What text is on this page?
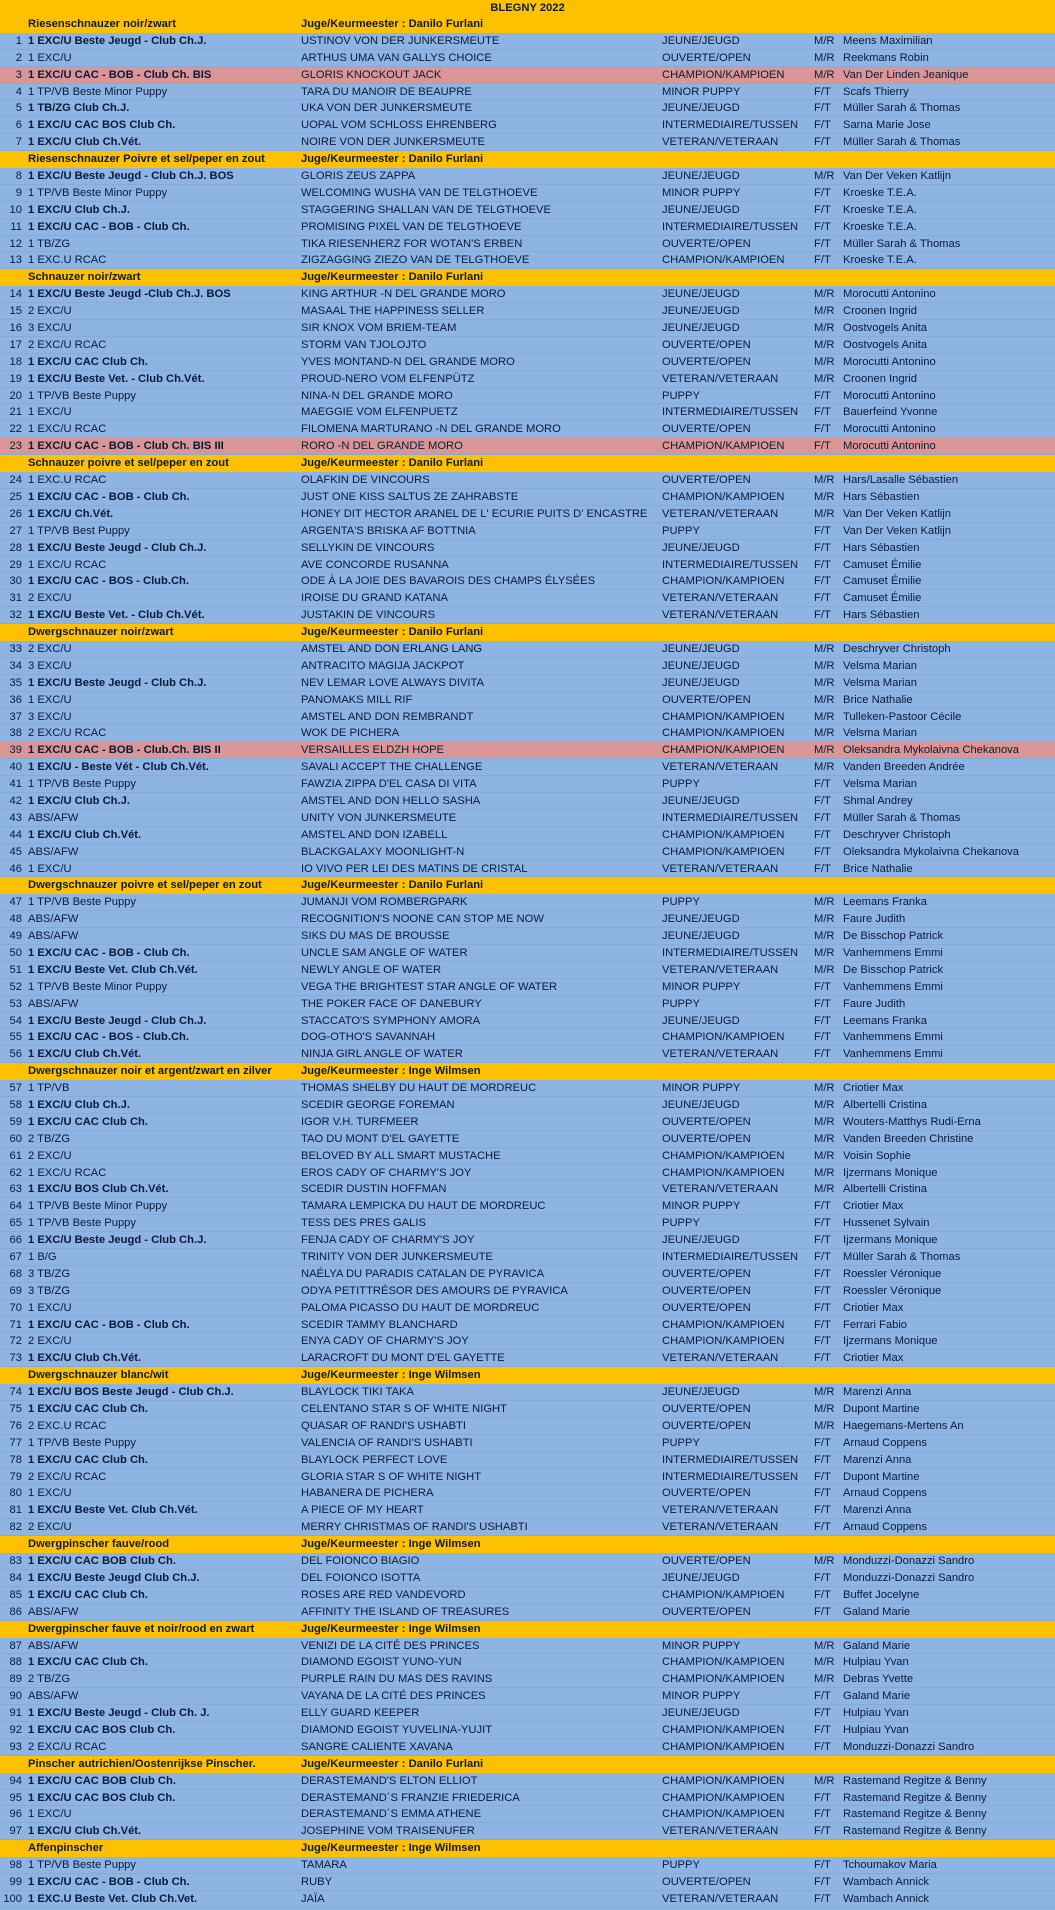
BLEGNY 2022
Riesenschnauzer noir/zwart	Juge/Keurmeester : Danilo Furlani
1 1 EXC/U Beste Jeugd - Club Ch.J.	USTINOV VON DER JUNKERSMEUTE	JEUNE/JEUGD	M/R Meens Maximilian
2 1 EXC/U	ARTHUS UMA VAN GALLYS CHOICE	OUVERTE/OPEN	M/R Reekmans Robin
3 1 EXC/U CAC - BOB - Club Ch. BIS	GLORIS KNOCKOUT JACK	CHAMPION/KAMPIOEN	M/R Van Der Linden Jeanique
4 1 TP/VB Beste Minor Puppy	TARA DU MANOIR DE BEAUPRE	MINOR PUPPY	F/T	Scafs Thierry
5 1 TB/ZG Club Ch.J.	UKA VON DER JUNKERSMEUTE	JEUNE/JEUGD	F/T	Müller Sarah & Thomas
6 1 EXC/U CAC BOS Club Ch.	UOPAL VOM SCHLOSS EHRENBERG	INTERMEDIAIRE/TUSSEN	F/T	Sarna Marie Jose
7 1 EXC/U Club Ch.Vét.	NOIRE VON DER JUNKERSMEUTE	VETERAN/VETERAAN	F/T	Müller Sarah & Thomas
Riesenschnauzer Poivre et sel/peper en zout	Juge/Keurmeester : Danilo Furlani
8 1 EXC/U Beste Jeugd - Club Ch.J. BOS	GLORIS ZEUS ZAPPA	JEUNE/JEUGD	M/R Van Der Veken Katlijn
9 1 TP/VB Beste Minor Puppy	WELCOMING WUSHA VAN DE TELGTHOEVE	MINOR PUPPY	F/T	Kroeske T.E.A.
10 1 EXC/U Club Ch.J.	STAGGERING SHALLAN VAN DE TELGTHOEVE	JEUNE/JEUGD	F/T	Kroeske T.E.A.
11 1 EXC/U CAC - BOB - Club Ch.	PROMISING PIXEL VAN DE TELGTHOEVE	INTERMEDIAIRE/TUSSEN	F/T	Kroeske T.E.A.
12 1 TB/ZG	TIKA RIESENHERZ FOR WOTAN'S ERBEN	OUVERTE/OPEN	F/T	Müller Sarah & Thomas
13 1 EXC.U RCAC	ZIGZAGGING ZIEZO VAN DE TELGTHOEVE	CHAMPION/KAMPIOEN	F/T	Kroeske T.E.A.
Schnauzer noir/zwart	Juge/Keurmeester : Danilo Furlani
14 1 EXC/U Beste Jeugd -Club Ch.J. BOS	KING ARTHUR -N DEL GRANDE MORO	JEUNE/JEUGD	M/R Morocutti Antonino
15 2 EXC/U	MASAAL THE HAPPINESS SELLER	JEUNE/JEUGD	M/R Croonen Ingrid
16 3 EXC/U	SIR KNOX VOM BRIEM-TEAM	JEUNE/JEUGD	M/R Oostvogels Anita
17 2 EXC/U RCAC	STORM VAN TJOLOJTO	OUVERTE/OPEN	M/R Oostvogels Anita
18 1 EXC/U CAC Club Ch.	YVES MONTAND-N DEL GRANDE MORO	OUVERTE/OPEN	M/R Morocutti Antonino
19 1 EXC/U Beste Vet. - Club Ch.Vét.	PROUD-NERO VOM ELFENPÜTZ	VETERAN/VETERAAN	M/R Croonen Ingrid
20 1 TP/VB Beste Puppy	NINA-N DEL GRANDE MORO	PUPPY	F/T	Morocutti Antonino
21 1 EXC/U	MAEGGIE VOM ELFENPUETZ	INTERMEDIAIRE/TUSSEN	F/T	Bauerfeind Yvonne
22 1 EXC/U RCAC	FILOMENA MARTURANO -N DEL GRANDE MORO	OUVERTE/OPEN	F/T	Morocutti Antonino
23 1 EXC/U CAC - BOB - Club Ch. BIS III	RORO -N DEL GRANDE MORO	CHAMPION/KAMPIOEN	F/T	Morocutti Antonino
Schnauzer poivre et sel/peper en zout	Juge/Keurmeester : Danilo Furlani
24 1 EXC.U RCAC	OLAFKIN DE VINCOURS	OUVERTE/OPEN	M/R Hars/Lasalle Sébastien
25 1 EXC/U CAC - BOB - Club Ch.	JUST ONE KISS SALTUS ZE ZAHRABSTE	CHAMPION/KAMPIOEN	M/R Hars Sébastien
26 1 EXC/U Ch.Vét.	HONEY DIT HECTOR ARANEL DE L' ECURIE PUITS D' ENCASTRE	VETERAN/VETERAAN	M/R Van Der Veken Katlijn
27 1 TP/VB Best Puppy	ARGENTA'S BRISKA AF BOTTNIA	PUPPY	F/T	Van Der Veken Katlijn
28 1 EXC/U Beste Jeugd - Club Ch.J.	SELLYKIN DE VINCOURS	JEUNE/JEUGD	F/T	Hars Sébastien
29 1 EXC/U RCAC	AVE CONCORDE RUSANNA	INTERMEDIAIRE/TUSSEN	F/T	Camuset Émilie
30 1 EXC/U CAC - BOS - Club.Ch.	ODE À LA JOIE DES BAVAROIS DES CHAMPS ÉLYSÉES	CHAMPION/KAMPIOEN	F/T	Camuset Émilie
31 2 EXC/U	IROISE DU GRAND KATANA	VETERAN/VETERAAN	F/T	Camuset Émilie
32 1 EXC/U Beste Vet. - Club Ch.Vét.	JUSTAKIN DE VINCOURS	VETERAN/VETERAAN	F/T	Hars Sébastien
Dwergschnauzer noir/zwart	Juge/Keurmeester : Danilo Furlani
33 2 EXC/U	AMSTEL AND DON ERLANG LANG	JEUNE/JEUGD	M/R Deschryver Christoph
34 3 EXC/U	ANTRACITO MAGIJA JACKPOT	JEUNE/JEUGD	M/R Velsma Marian
35 1 EXC/U Beste Jeugd - Club Ch.J.	NEV LEMAR LOVE ALWAYS DIVITA	JEUNE/JEUGD	M/R Velsma Marian
36 1 EXC/U	PANOMAKS MILL RIF	OUVERTE/OPEN	M/R Brice Nathalie
37 3 EXC/U	AMSTEL AND DON REMBRANDT	CHAMPION/KAMPIOEN	M/R Tulleken-Pastoor Cécile
38 2 EXC/U RCAC	WOK DE PICHERA	CHAMPION/KAMPIOEN	M/R Velsma Marian
39 1 EXC/U CAC - BOB - Club.Ch. BIS II	VERSAILLES ELDZH HOPE	CHAMPION/KAMPIOEN	M/R Oleksandra Mykolaivna Chekanova
40 1 EXC/U - Beste Vét - Club Ch.Vét.	SAVALI ACCEPT THE CHALLENGE	VETERAN/VETERAAN	M/R Vanden Breeden Andrée
41 1 TP/VB Beste Puppy	FAWZIA ZIPPA D'EL CASA DI VITA	PUPPY	F/T	Velsma Marian
42 1 EXC/U Club Ch.J.	AMSTEL AND DON HELLO SASHA	JEUNE/JEUGD	F/T	Shmal Andrey
43 ABS/AFW	UNITY VON JUNKERSMEUTE	INTERMEDIAIRE/TUSSEN	F/T	Müller Sarah & Thomas
44 1 EXC/U Club Ch.Vét.	AMSTEL AND DON IZABELL	CHAMPION/KAMPIOEN	F/T	Deschryver Christoph
45 ABS/AFW	BLACKGALAXY MOONLIGHT-N	CHAMPION/KAMPIOEN	F/T	Oleksandra Mykolaivna Chekanova
46 1 EXC/U	IO VIVO PER LEI DES MATINS DE CRISTAL	VETERAN/VETERAAN	F/T	Brice Nathalie
Dwergschnauzer poivre et sel/peper en zout	Juge/Keurmeester : Danilo Furlani
47 1 TP/VB Beste Puppy	JUMANJI VOM ROMBERGPARK	PUPPY	M/R Leemans Franka
48 ABS/AFW	RECOGNITION'S NOONE CAN STOP ME NOW	JEUNE/JEUGD	M/R Faure Judith
49 ABS/AFW	SIKS DU MAS DE BROUSSE	JEUNE/JEUGD	M/R De Bisschop Patrick
50 1 EXC/U CAC - BOB - Club Ch.	UNCLE SAM ANGLE OF WATER	INTERMEDIAIRE/TUSSEN	M/R Vanhemmens Emmi
51 1 EXC/U Beste Vet. Club Ch.Vét.	NEWLY ANGLE OF WATER	VETERAN/VETERAAN	M/R De Bisschop Patrick
52 1 TP/VB Beste Minor Puppy	VEGA THE BRIGHTEST STAR ANGLE OF WATER	MINOR PUPPY	F/T	Vanhemmens Emmi
53 ABS/AFW	THE POKER FACE OF DANEBURY	PUPPY	F/T	Faure Judith
54 1 EXC/U Beste Jeugd - Club Ch.J.	STACCATO'S SYMPHONY AMORA	JEUNE/JEUGD	F/T	Leemans Franka
55 1 EXC/U CAC - BOS - Club.Ch.	DOG-OTHO'S SAVANNAH	CHAMPION/KAMPIOEN	F/T	Vanhemmens Emmi
56 1 EXC/U Club Ch.Vét.	NINJA GIRL ANGLE OF WATER	VETERAN/VETERAAN	F/T	Vanhemmens Emmi
Dwergschnauzer noir et argent/zwart en zilver	Juge/Keurmeester : Inge Wilmsen
57 1 TP/VB	THOMAS SHELBY DU HAUT DE MORDREUC	MINOR PUPPY	M/R Criotier Max
58 1 EXC/U Club Ch.J.	SCEDIR GEORGE FOREMAN	JEUNE/JEUGD	M/R Albertelli Cristina
59 1 EXC/U CAC Club Ch.	IGOR V.H. TURFMEER	OUVERTE/OPEN	M/R Wouters-Matthys Rudi-Erna
60 2 TB/ZG	TAO DU MONT D'EL GAYETTE	OUVERTE/OPEN	M/R Vanden Breeden Christine
61 2 EXC/U	BELOVED BY ALL SMART MUSTACHE	CHAMPION/KAMPIOEN	M/R Voisin Sophie
62 1 EXC/U RCAC	EROS CADY OF CHARMY'S JOY	CHAMPION/KAMPIOEN	M/R Ijzermans Monique
63 1 EXC/U BOS Club Ch.Vét.	SCEDIR DUSTIN HOFFMAN	VETERAN/VETERAAN	M/R Albertelli Cristina
64 1 TP/VB Beste Minor Puppy	TAMARA LEMPICKA DU HAUT DE MORDREUC	MINOR PUPPY	F/T	Criotier Max
65 1 TP/VB Beste Puppy	TESS DES PRES GALIS	PUPPY	F/T	Hussenet Sylvain
66 1 EXC/U Beste Jeugd - Club Ch.J.	FENJA CADY OF CHARMY'S JOY	JEUNE/JEUGD	F/T	Ijzermans Monique
67 1 B/G	TRINITY VON DER JUNKERSMEUTE	INTERMEDIAIRE/TUSSEN	F/T	Müller Sarah & Thomas
68 3 TB/ZG	NAÉLYA DU PARADIS CATALAN DE PYRAVICA	OUVERTE/OPEN	F/T	Roessler Véronique
69 3 TB/ZG	ODYA PETITTRÉSOR DES AMOURS DE PYRAVICA	OUVERTE/OPEN	F/T	Roessler Véronique
70 1 EXC/U	PALOMA PICASSO DU HAUT DE MORDREUC	OUVERTE/OPEN	F/T	Criotier Max
71 1 EXC/U CAC - BOB - Club Ch.	SCEDIR TAMMY BLANCHARD	CHAMPION/KAMPIOEN	F/T	Ferrari Fabio
72 2 EXC/U	ENYA CADY OF CHARMY'S JOY	CHAMPION/KAMPIOEN	F/T	Ijzermans Monique
73 1 EXC/U Club Ch.Vét.	LARACROFT DU MONT D'EL GAYETTE	VETERAN/VETERAAN	F/T	Criotier Max
Dwergschnauzer blanc/wit	Juge/Keurmeester : Inge Wilmsen
74 1 EXC/U BOS Beste Jeugd - Club Ch.J.	BLAYLOCK TIKI TAKA	JEUNE/JEUGD	M/R Marenzi Anna
75 1 EXC/U CAC Club Ch.	CELENTANO STAR S OF WHITE NIGHT	OUVERTE/OPEN	M/R Dupont Martine
76 2 EXC.U RCAC	QUASAR OF RANDI'S USHABTI	OUVERTE/OPEN	M/R Haegemans-Mertens An
77 1 TP/VB Beste Puppy	VALENCIA OF RANDI'S USHABTI	PUPPY	F/T	Arnaud Coppens
78 1 EXC/U CAC Club Ch.	BLAYLOCK PERFECT LOVE	INTERMEDIAIRE/TUSSEN	F/T	Marenzi Anna
79 2 EXC/U RCAC	GLORIA STAR S OF WHITE NIGHT	INTERMEDIAIRE/TUSSEN	F/T	Dupont Martine
80 1 EXC/U	HABANERA DE PICHERA	OUVERTE/OPEN	F/T	Arnaud Coppens
81 1 EXC/U Beste Vet. Club Ch.Vét.	A PIECE OF MY HEART	VETERAN/VETERAAN	F/T	Marenzi Anna
82 2 EXC/U	MERRY CHRISTMAS OF RANDI'S USHABTI	VETERAN/VETERAAN	F/T	Arnaud Coppens
Dwergpinscher fauve/rood	Juge/Keurmeester : Inge Wilmsen
83 1 EXC/U CAC BOB Club Ch.	DEL FOIONCO BIAGIO	OUVERTE/OPEN	M/R Monduzzi-Donazzi Sandro
84 1 EXC/U Beste Jeugd Club Ch.J.	DEL FOIONCO ISOTTA	JEUNE/JEUGD	F/T	Monduzzi-Donazzi Sandro
85 1 EXC/U CAC Club Ch.	ROSES ARE RED VANDEVORD	CHAMPION/KAMPIOEN	F/T	Buffet Jocelyne
86 ABS/AFW	AFFINITY THE ISLAND OF TREASURES	OUVERTE/OPEN	F/T	Galand Marie
Dwergpinscher fauve et noir/rood en zwart	Juge/Keurmeester : Inge Wilmsen
87 ABS/AFW	VENIZI DE LA CITÉ DES PRINCES	MINOR PUPPY	M/R Galand Marie
88 1 EXC/U CAC Club Ch.	DIAMOND EGOIST YUNO-YUN	CHAMPION/KAMPIOEN	M/R Hulpiau Yvan
89 2 TB/ZG	PURPLE RAIN DU MAS DES RAVINS	CHAMPION/KAMPIOEN	M/R Debras Yvette
90 ABS/AFW	VAYANA DE LA CITÉ DES PRINCES	MINOR PUPPY	F/T	Galand Marie
91 1 EXC/U Beste Jeugd - Club Ch. J.	ELLY GUARD KEEPER	JEUNE/JEUGD	F/T	Hulpiau Yvan
92 1 EXC/U CAC BOS Club Ch.	DIAMOND EGOIST YUVELINA-YUJIT	CHAMPION/KAMPIOEN	F/T	Hulpiau Yvan
93 2 EXC/U RCAC	SANGRE CALIENTE XAVANA	CHAMPION/KAMPIOEN	F/T	Monduzzi-Donazzi Sandro
Pinscher autrichien/Oostenrijkse Pinscher.	Juge/Keurmeester : Danilo Furlani
94 1 EXC/U CAC BOB Club Ch.	DERASTEMAND'S ELTON ELLIOT	CHAMPION/KAMPIOEN	M/R Rastemand Regitze & Benny
95 1 EXC/U CAC BOS Club Ch.	DERASTEMAND´S FRANZIE FRIEDERICA	CHAMPION/KAMPIOEN	F/T	Rastemand Regitze & Benny
96 1 EXC/U	DERASTEMAND´S EMMA ATHENE	CHAMPION/KAMPIOEN	F/T	Rastemand Regitze & Benny
97 1 EXC/U Club Ch.Vét.	JOSEPHINE VOM TRAISENUFER	VETERAN/VETERAAN	F/T	Rastemand Regitze & Benny
Affenpinscher	Juge/Keurmeester : Inge Wilmsen
98 1 TP/VB Beste Puppy	TAMARA	PUPPY	F/T	Tchoumakov Maria
99 1 EXC/U CAC - BOB - Club Ch.	RUBY	OUVERTE/OPEN	F/T	Wambach Annick
100 1 EXC.U Beste Vet. Club Ch.Vet.	JAÏA	VETERAN/VETERAAN	F/T	Wambach Annick
